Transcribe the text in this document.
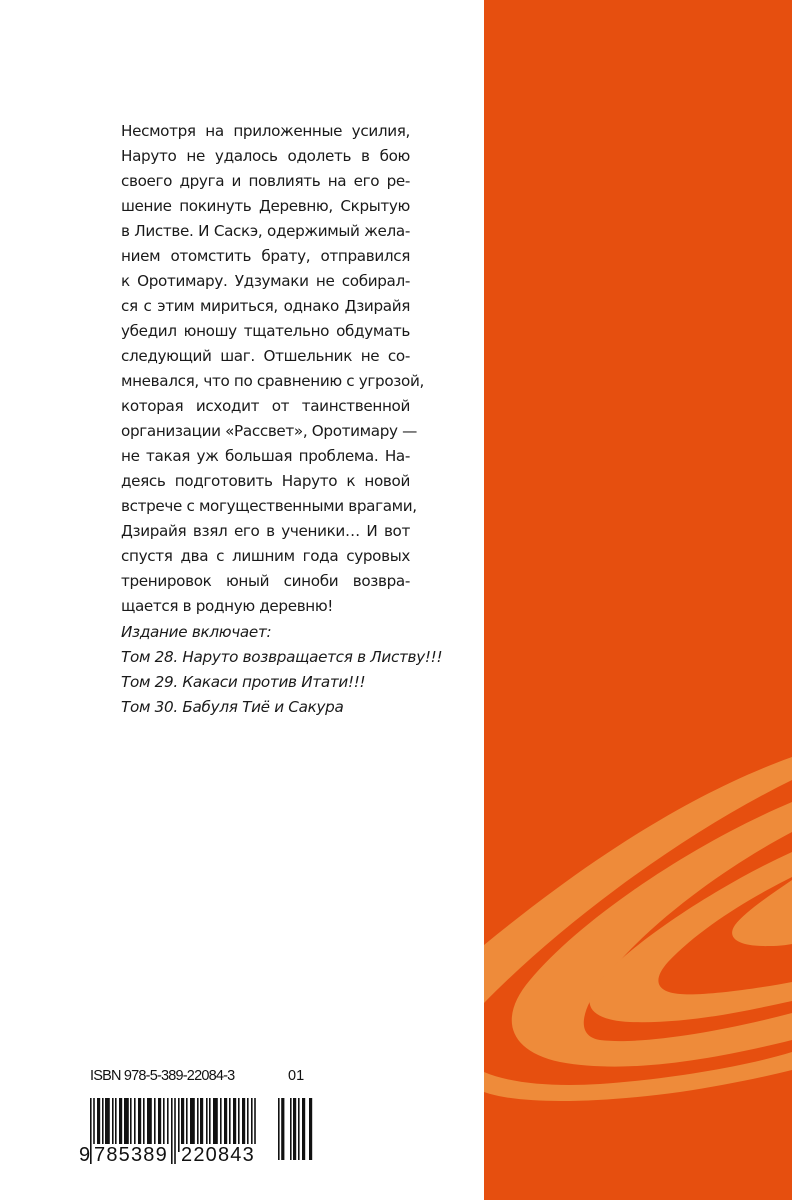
Несмотря на приложенные усилия,
Наруто не удалось одолеть в бою
своего друга и повлиять на его ре-
шение покинуть Деревню, Скрытую
в Листве. И Саскэ, одержимый жела-
нием отомстить брату, отправился
к Оротимару. Удзумаки не собирал-
ся с этим мириться, однако Дзирайя
убедил юношу тщательно обдумать
следующий шаг. Отшельник не со-
мневался, что по сравнению с угрозой,
которая исходит от таинственной
организации «Рассвет», Оротимару —
не такая уж большая проблема. На-
деясь подготовить Наруто к новой
встрече с могущественными врагами,
Дзирайя взял его в ученики… И вот
спустя два с лишним года суровых
тренировок юный синоби возвра-
щается в родную деревню!
Издание включает:
Том 28. Наруто возвращается в Листву!!!
Том 29. Какаси против Итати!!!
Том 30. Бабуля Тиё и Сакура
ISBN 978-5-389-22084-3	01
9 785389 220843
